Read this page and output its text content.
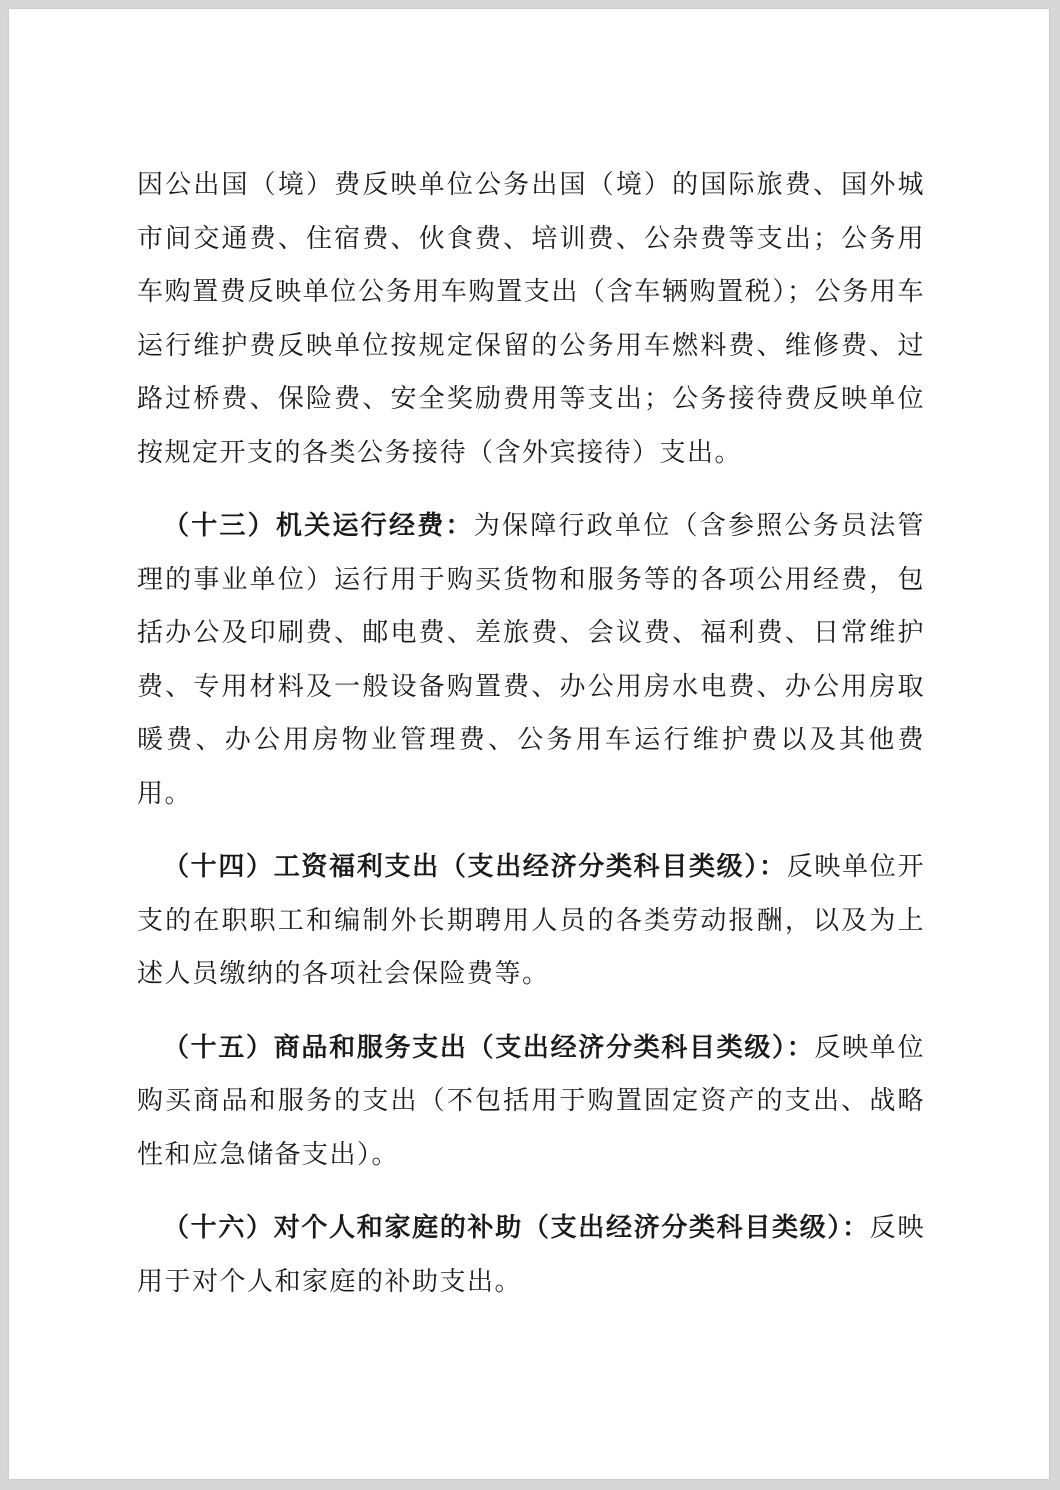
因公出国（境）费反映单位公务出国（境）的国际旅费、国外城市间交通费、住宿费、伙食费、培训费、公杂费等支出；公务用车购置费反映单位公务用车购置支出（含车辆购置税）；公务用车运行维护费反映单位按规定保留的公务用车燃料费、维修费、过路过桥费、保险费、安全奖励费用等支出；公务接待费反映单位按规定开支的各类公务接待（含外宾接待）支出。

（十三）机关运行经费：为保障行政单位（含参照公务员法管理的事业单位）运行用于购买货物和服务等的各项公用经费，包括办公及印刷费、邮电费、差旅费、会议费、福利费、日常维护 费、专用材料及一般设备购置费、办公用房水电费、办公用房取暖费、办公用房物业管理费、公务用车运行维护费以及其他费用。

（十四）工资福利支出（支出经济分类科目类级）：反映单位开支的在职职工和编制外长期聘用人员的各类劳动报酬，以及为上述人员缴纳的各项社会保险费等。

（十五）商品和服务支出（支出经济分类科目类级）：反映单位购买商品和服务的支出（不包括用于购置固定资产的支出、战略性和应急储备支出）。

（十六）对个人和家庭的补助（支出经济分类科目类级）：反映用于对个人和家庭的补助支出。
